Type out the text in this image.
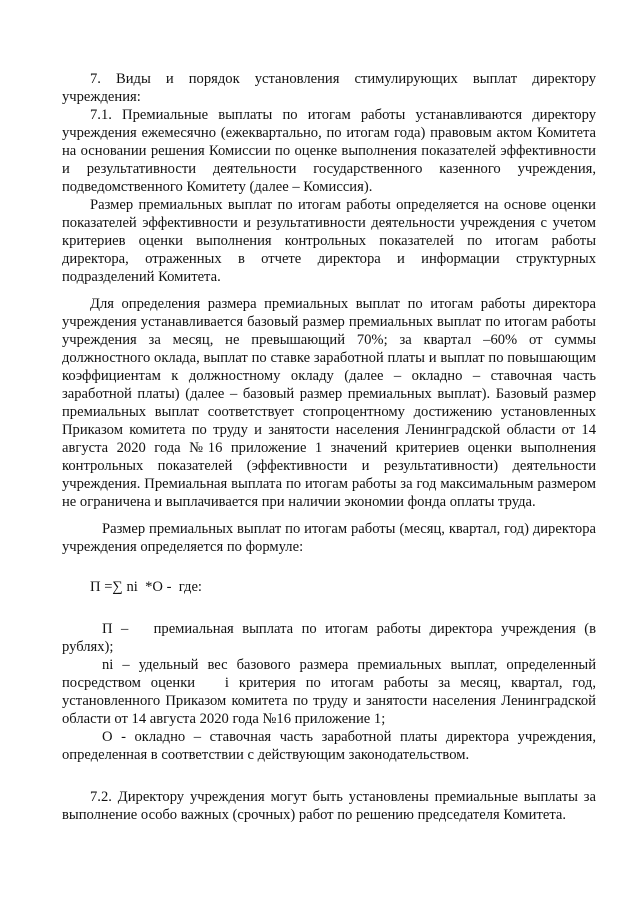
7. Виды и порядок установления стимулирующих выплат директору учреждения:

7.1. Премиальные выплаты по итогам работы устанавливаются директору учреждения ежемесячно (ежеквартально, по итогам года) правовым актом Комитета на основании решения Комиссии по оценке выполнения показателей эффективности и результативности деятельности государственного казенного учреждения, подведомственного Комитету (далее – Комиссия).

Размер премиальных выплат по итогам работы определяется на основе оценки показателей эффективности и результативности деятельности учреждения с учетом критериев оценки выполнения контрольных показателей по итогам работы директора, отраженных в отчете директора и информации структурных подразделений Комитета.

Для определения размера премиальных выплат по итогам работы директора учреждения устанавливается базовый размер премиальных выплат по итогам работы учреждения за месяц, не превышающий 70%; за квартал –60% от суммы должностного оклада, выплат по ставке заработной платы и выплат по повышающим коэффициентам к должностному окладу (далее – окладно – ставочная часть заработной платы) (далее – базовый размер премиальных выплат). Базовый размер премиальных выплат соответствует стопроцентному достижению установленных Приказом комитета по труду и занятости населения Ленинградской области от 14 августа 2020 года №16 приложение 1 значений критериев оценки выполнения контрольных показателей (эффективности и результативности) деятельности учреждения. Премиальная выплата по итогам работы за год максимальным размером не ограничена и выплачивается при наличии экономии фонда оплаты труда.

Размер премиальных выплат по итогам работы (месяц, квартал, год) директора учреждения определяется по формуле:

П =∑ ni  *О -  где:

П –   премиальная выплата по итогам работы директора учреждения (в рублях);

ni – удельный вес базового размера премиальных выплат, определенный посредством оценки   i критерия по итогам работы за месяц, квартал, год, установленного Приказом комитета по труду и занятости населения Ленинградской области от 14 августа 2020 года №16 приложение 1;

О - окладно – ставочная часть заработной платы директора учреждения, определенная в соответствии с действующим законодательством.

7.2. Директору учреждения могут быть установлены премиальные выплаты за выполнение особо важных (срочных) работ по решению председателя Комитета.
